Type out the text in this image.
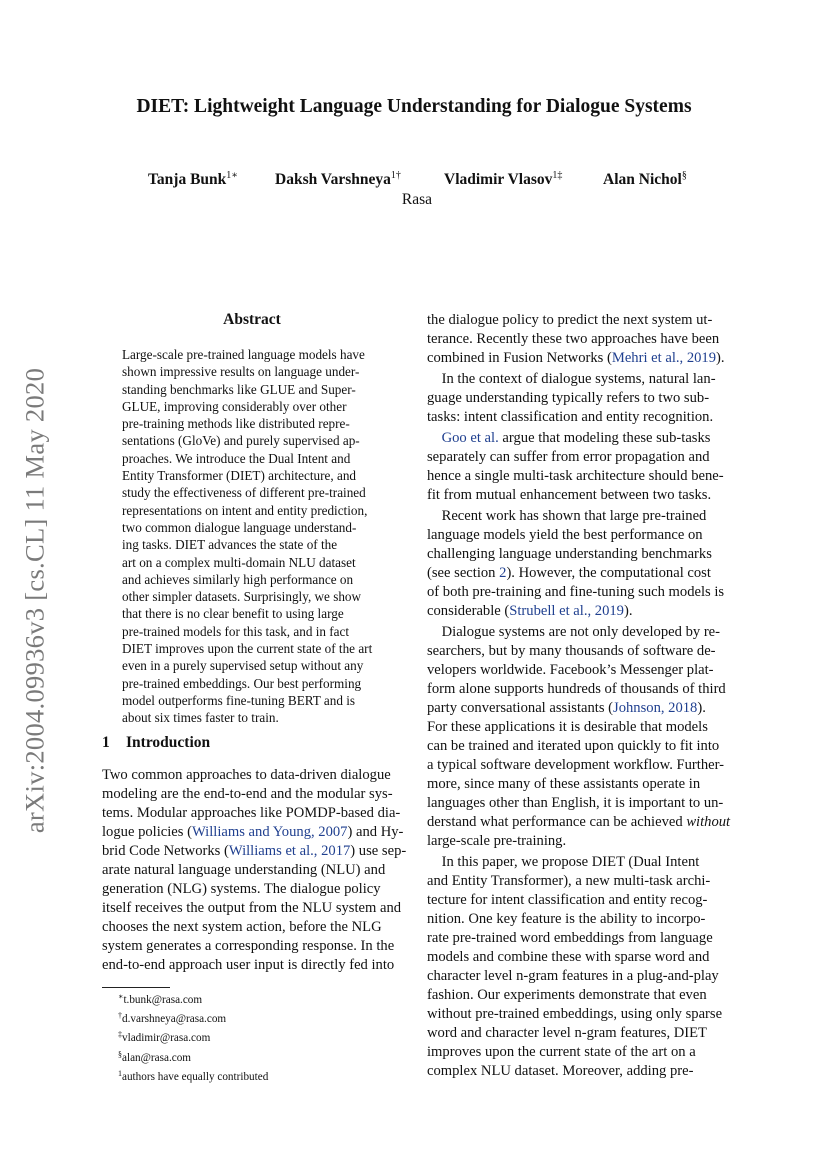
arXiv:2004.09936v3 [cs.CL] 11 May 2020
DIET: Lightweight Language Understanding for Dialogue Systems
Tanja Bunk$^{1∗}$ Daksh Varshneya$^{1\dagger}$	Vladimir Vlasov$^{1\ddagger}$	Alan Nichol§
Rasa
Abstract
Large-scale pre-trained language models have
shown impressive results on language under-
standing benchmarks like GLUE and Super-
GLUE, improving considerably over other
pre-training methods like distributed repre-
sentations (GloVe) and purely supervised ap-
proaches. We introduce the Dual Intent and
Entity Transformer (DIET) architecture, and
study the effectiveness of different pre-trained
representations on intent and entity prediction,
two common dialogue language understand-
ing tasks. DIET advances the state of the
art on a complex multi-domain NLU dataset
and achieves similarly high performance on
other simpler datasets. Surprisingly, we show
that there is no clear benefit to using large
pre-trained models for this task, and in fact
DIET improves upon the current state of the art
even in a purely supervised setup without any
pre-trained embeddings. Our best performing
model outperforms fine-tuning BERT and is
about six times faster to train.
1 Introduction
Two common approaches to data-driven dialogue
modeling are the end-to-end and the modular sys-
tems. Modular approaches like POMDP-based dia-
logue policies (Williams and Young, 2007) and Hy-
brid Code Networks (Williams et al., 2017) use sep-
arate natural language understanding (NLU) and
generation (NLG) systems. The dialogue policy
itself receives the output from the NLU system and
chooses the next system action, before the NLG
system generates a corresponding response. In the
end-to-end approach user input is directly fed into
∗t.bunk@rasa.com
†d.varshneya@rasa.com
‡vladimir@rasa.com
§alan@rasa.com
$^1$authors have equally contributed
the dialogue policy to predict the next system ut-
terance. Recently these two approaches have been
combined in Fusion Networks (Mehri et al., 2019).
 In the context of dialogue systems, natural lan-
guage understanding typically refers to two sub-
tasks: intent classification and entity recognition.
 Goo et al. argue that modeling these sub-tasks
separately can suffer from error propagation and
hence a single multi-task architecture should bene-
fit from mutual enhancement between two tasks.
 Recent work has shown that large pre-trained
language models yield the best performance on
challenging language understanding benchmarks
(see section 2). However, the computational cost
of both pre-training and fine-tuning such models is
considerable (Strubell et al., 2019).
 Dialogue systems are not only developed by re-
searchers, but by many thousands of software de-
velopers worldwide. Facebook’s Messenger plat-
form alone supports hundreds of thousands of third
party conversational assistants (Johnson, 2018).
For these applications it is desirable that models
can be trained and iterated upon quickly to fit into
a typical software development workflow. Further-
more, since many of these assistants operate in
languages other than English, it is important to un-
derstand what performance can be achieved without
large-scale pre-training.
 In this paper, we propose DIET (Dual Intent
and Entity Transformer), a new multi-task archi-
tecture for intent classification and entity recog-
nition. One key feature is the ability to incorpo-
rate pre-trained word embeddings from language
models and combine these with sparse word and
character level n-gram features in a plug-and-play
fashion. Our experiments demonstrate that even
without pre-trained embeddings, using only sparse
word and character level n-gram features, DIET
improves upon the current state of the art on a
complex NLU dataset. Moreover, adding pre-
